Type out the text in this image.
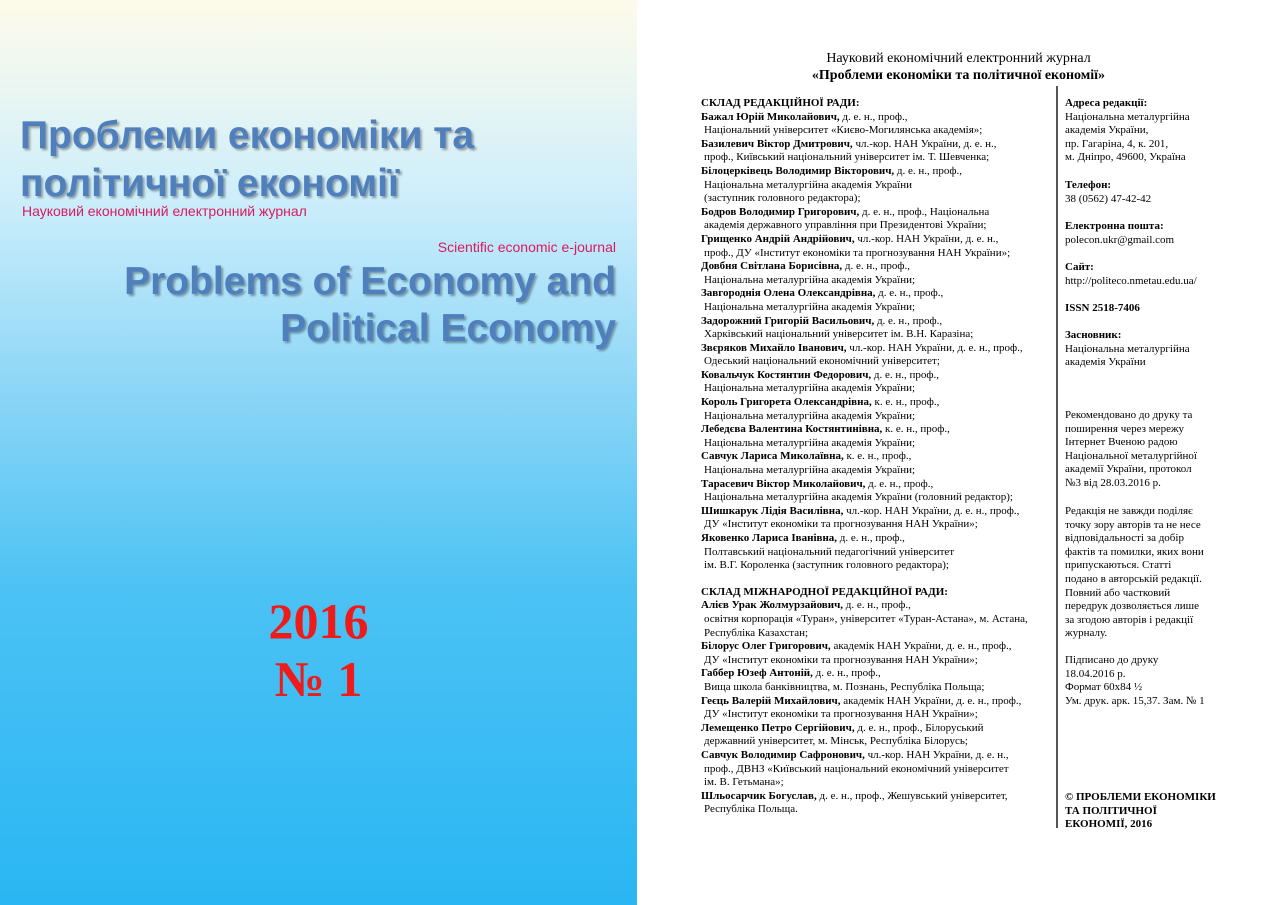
Проблеми економіки та політичної економії
Науковий економічний електронний журнал
Scientific economic e-journal
Problems of Economy and Political Economy
2016
№ 1
Науковий економічний електронний журнал
«Проблеми економіки та політичної економії»
СКЛАД РЕДАКЦІЙНОЇ РАДИ:
Бажал Юрій Миколайович, д. е. н., проф.,
Національний університет «Києво-Могилянська академія»;
Базилевич Віктор Дмитрович, чл.-кор. НАН України, д. е. н.,
проф., Київський національний університет ім. Т. Шевченка;
Білоцерківець Володимир Вікторович, д. е. н., проф.,
Національна металургійна академія України
(заступник головного редактора);
Бодров Володимир Григорович, д. е. н., проф., Національна
академія державного управління при Президентові України;
Грищенко Андрій Андрійович, чл.-кор. НАН України, д. е. н.,
проф., ДУ «Інститут економіки та прогнозування НАН України»;
Довбня Світлана Борисівна, д. е. н., проф.,
Національна металургійна академія України;
Завгороднія Олена Олександрівна, д. е. н., проф.,
Національна металургійна академія України;
Задорожний Григорій Васильович, д. е. н., проф.,
Харківський національний університет ім. В.Н. Каразіна;
Звєряков Михайло Іванович, чл.-кор. НАН України, д. е. н., проф.,
Одеський національний економічний університет;
Ковальчук Костянтин Федорович, д. е. н., проф.,
Національна металургійна академія України;
Король Григорета Олександрівна, к. е. н., проф.,
Національна металургійна академія України;
Лебедєва Валентина Костянтинівна, к. е. н., проф.,
Національна металургійна академія України;
Савчук Лариса Миколаївна, к. е. н., проф.,
Національна металургійна академія України;
Тарасевич Віктор Миколайович, д. е. н., проф.,
Національна металургійна академія України (головний редактор);
Шишкарук Лідія Василівна, чл.-кор. НАН України, д. е. н., проф.,
ДУ «Інститут економіки та прогнозування НАН України»;
Яковенко Лариса Іванівна, д. е. н., проф.,
Полтавський національний педагогічний університет
ім. В.Г. Короленка (заступник головного редактора);
СКЛАД МІЖНАРОДНОЇ РЕДАКЦІЙНОЇ РАДИ:
Алієв Урак Жолмурзайович, д. е. н., проф.,
освітня корпорація «Туран», університет «Туран-Астана», м. Астана,
Республіка Казахстан;
Білорус Олег Григорович, академік НАН України, д. е. н., проф.,
ДУ «Інститут економіки та прогнозування НАН України»;
Габбер Юзеф Антоній, д. е. н., проф.,
Вища школа банківництва, м. Познань, Республіка Польща;
Геєць Валерій Михайлович, академік НАН України, д. е. н., проф.,
ДУ «Інститут економіки та прогнозування НАН України»;
Лемещенко Петро Сергійович, д. е. н., проф., Білоруський
державний університет, м. Мінськ, Республіка Білорусь;
Савчук Володимир Сафронович, чл.-кор. НАН України, д. е. н.,
проф., ДВНЗ «Київський національний економічний університет
ім. В. Гетьмана»;
Шльосарчик Богуслав, д. е. н., проф., Жешувський університет,
Республіка Польща.
Адреса редакції:
Національна металургійна
академія України,
пр. Гагаріна, 4, к. 201,
м. Дніпро, 49600, Україна
Телефон:
38 (0562) 47-42-42
Електронна пошта:
polecon.ukr@gmail.com
Сайт:
http://politeco.nmetau.edu.ua/
ISSN 2518-7406
Засновник:
Національна металургійна
академія України
Рекомендовано до друку та
поширення через мережу
Інтернет Вченою радою
Національної металургійної
академії України, протокол
№3 від 28.03.2016 р.
Редакція не завжди поділяє
точку зору авторів та не несе
відповідальності за добір
фактів та помилки, яких вони
припускаються. Статті
подано в авторській редакції.
Повний або частковий
передрук дозволяється лише
за згодою авторів і редакції
журналу.
Підписано до друку
18.04.2016 р.
Формат 60х84 ½
Ум. друк. арк. 15,37. Зам. № 1
© ПРОБЛЕМИ ЕКОНОМІКИ
ТА ПОЛІТИЧНОЇ
ЕКОНОМІЇ, 2016
